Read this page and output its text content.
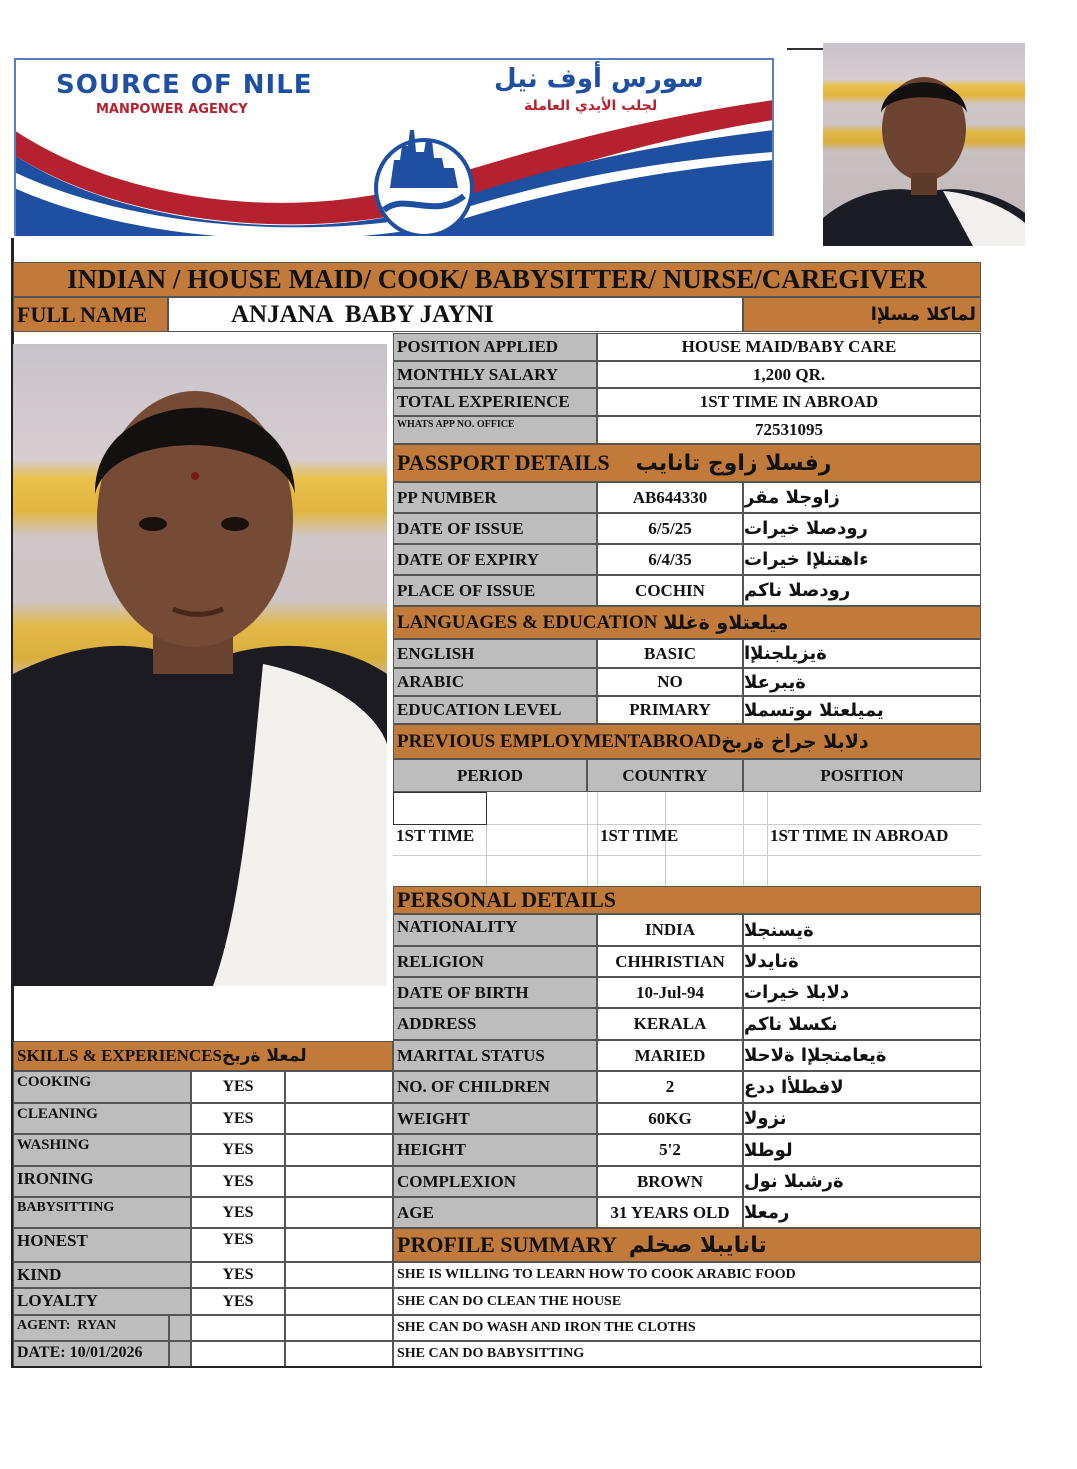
SOURCE OF NILE
MANPOWER AGENCY
سورس أوف نيل
لجلب الأيدي العاملة
INDIAN / HOUSE MAID/ COOK/ BABYSITTER/ NURSE/CAREGIVER
FULL NAME	ANJANA  BABY JAYNI	لماكلا مسلإا
POSITION APPLIED	HOUSE MAID/BABY CARE
MONTHLY SALARY	1,200 QR.
TOTAL EXPERIENCE	1ST TIME IN ABROAD
WHATS APP NO. OFFICE	72531095
PASSPORT DETAILS رفسلا زاوج تانايب
PP NUMBER	AB644330	زاوجلا مقر
DATE OF ISSUE	6/5/25	رودصلا خيرات
DATE OF EXPIRY	6/4/35	ءاهتنلإا خيرات
PLACE OF ISSUE	COCHIN	رودصلا ناكم
LANGUAGES & EDUCATION ميلعتلاو ةغللا
ENGLISH	BASIC	ةيزيلجنلإا
ARABIC	NO	ةيبرعلا
EDUCATION LEVEL	PRIMARY	يميلعتلا ىوتسملا
PREVIOUS EMPLOYMENTABROAD دلابلا جراخ ةربخ
PERIOD	COUNTRY	POSITION
1ST TIME	1ST TIME	1ST TIME IN ABROAD
PERSONAL DETAILS
NATIONALITY	INDIA	ةيسنجلا
RELIGION	CHHRISTIAN	ةنايدلا
DATE OF BIRTH	10-Jul-94	دلابلا خيرات
ADDRESS	KERALA	نكسلا ناكم
MARITAL STATUS	MARIED	ةيعامتجلإا ةلاحلا
NO. OF CHILDREN	2	لافطلأا ددع
WEIGHT	60KG	نزولا
HEIGHT	5'2	لوطلا
COMPLEXION	BROWN	ةرشبلا نول
AGE	31 YEARS OLD رمعلا
PROFILE SUMMARY تانايبلا صخلم
SHE IS WILLING TO LEARN HOW TO COOK ARABIC FOOD
SHE CAN DO CLEAN THE HOUSE
SHE CAN DO WASH AND IRON THE CLOTHS
SHE CAN DO BABYSITTING
SKILLS & EXPERIENCES لمعلا ةربخ
COOKING	YES
CLEANING	YES
WASHING	YES
IRONING	YES
BABYSITTING	YES
HONEST	YES
KIND	YES
LOYALTY	YES
AGENT:  RYAN
DATE: 10/01/2026
